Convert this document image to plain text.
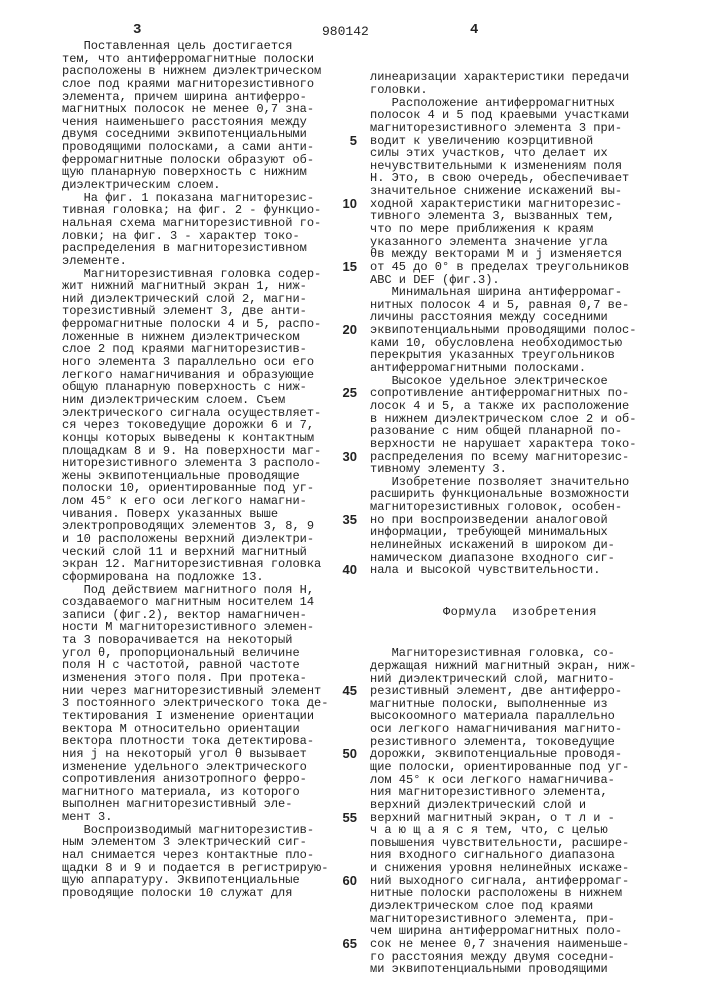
3	980142	4
Поставленная цель достигается
тем, что антиферромагнитные полоски
расположены в нижнем диэлектрическом
слое под краями магниторезистивного
элемента, причем ширина антиферро-
магнитных полосок не менее 0,7 зна-
чения наименьшего расстояния между
двумя соседними эквипотенциальными
проводящими полосками, а сами анти-
ферромагнитные полоски образуют об-
щую планарную поверхность с нижним
диэлектрическим слоем.
На фиг. 1 показана магниторезис-
тивная головка; на фиг. 2 - функцио-
нальная схема магниторезистивной го-
ловки; на фиг. 3 - характер токо-
распределения в магниторезистивном
элементе.
Магниторезистивная головка содер-
жит нижний магнитный экран 1, ниж-
ний диэлектрический слой 2, магни-
торезистивный элемент 3, две анти-
ферромагнитные полоски 4 и 5, распо-
ложенные в нижнем диэлектрическом
слое 2 под краями магниторезистив-
ного элемента 3 параллельно оси его
легкого намагничивания и образующие
общую планарную поверхность с ниж-
ним диэлектрическим слоем. Съем
электрического сигнала осуществляет-
ся через токоведущие дорожки 6 и 7,
концы которых выведены к контактным
площадкам 8 и 9. На поверхности маг-
ниторезистивного элемента 3 располо-
жены эквипотенциальные проводящие
полоски 10, ориентированные под уг-
лом 45° к его оси легкого намагни-
чивания. Поверх указанных выше
электропроводящих элементов 3, 8, 9
и 10 расположены верхний диэлектри-
ческий слой 11 и верхний магнитный
экран 12. Магниторезистивная головка
сформирована на подложке 13.
Под действием магнитного поля H,
создаваемого магнитным носителем 14
записи (фиг.2), вектор намагничен-
ности M магниторезистивного элемен-
та 3 поворачивается на некоторый
угол θ, пропорциональный величине
поля H с частотой, равной частоте
изменения этого поля. При протека-
нии через магниторезистивный элемент
3 постоянного электрического тока де-
тектирования I изменение ориентации
вектора M относительно ориентации
вектора плотности тока детектирова-
ния j на некоторый угол θ вызывает
изменение удельного электрического
сопротивления анизотропного ферро-
магнитного материала, из которого
выполнен магниторезистивный эле-
мент 3.
Воспроизводимый магниторезистив-
ным элементом 3 электрический сиг-
нал снимается через контактные пло-
щадки 8 и 9 и подается в регистрирую-
щую аппаратуру. Эквипотенциальные
проводящие полоски 10 служат для

линеаризации характеристики передачи
головки.
Расположение антиферромагнитных
полосок 4 и 5 под краевыми участками
магниторезистивного элемента 3 при-
водит к увеличению коэрцитивной
5
силы этих участков, что делает их
нечувствительными к изменениям поля
H. Это, в свою очередь, обеспечивает
значительное снижение искажений вы-
ходной характеристики магниторезис-
10
тивного элемента 3, вызванных тем,
что по мере приближения к краям
указанного элемента значение угла
θв между векторами M и j изменяется
от 45 до 0° в пределах треугольников
15
ABC и DEF (фиг.3).
Минимальная ширина антиферромаг-
нитных полосок 4 и 5, равная 0,7 ве-
личины расстояния между соседними
эквипотенциальными проводящими полос-
20
ками 10, обусловлена необходимостью
перекрытия указанных треугольников
антиферромагнитными полосками.
Высокое удельное электрическое
сопротивление антиферромагнитных по-
25
лосок 4 и 5, а также их расположение
в нижнем диэлектрическом слое 2 и об-
разование с ним общей планарной по-
верхности не нарушает характера токо-
распределения по всему магниторезис-
30
тивному элементу 3.
Изобретение позволяет значительно
расширить функциональные возможности
магниторезистивных головок, особен-
но при воспроизведении аналоговой
35
информации, требующей минимальных
нелинейных искажений в широком ди-
намическом диапазоне входного сиг-
нала и высокой чувствительности.
40

Формула  изобретения

Магниторезистивная головка, со-
держащая нижний магнитный экран, ниж-
ний диэлектрический слой, магнито-
резистивный элемент, две антиферро-
45
магнитные полоски, выполненные из
высокоомного материала параллельно
оси легкого намагничивания магнито-
резистивного элемента, токоведущие
дорожки, эквипотенциальные проводя-
50
щие полоски, ориентированные под уг-
лом 45° к оси легкого намагничива-
ния магниторезистивного элемента,
верхний диэлектрический слой и
верхний магнитный экран, о т л и -
55
ч а ю щ а я с я тем, что, с целью
повышения чувствительности, расшире-
ния входного сигнального диапазона
и снижения уровня нелинейных искаже-
ний выходного сигнала, антиферромаг-
60
нитные полоски расположены в нижнем
диэлектрическом слое под краями
магниторезистивного элемента, при-
чем ширина антиферромагнитных поло-
сок не менее 0,7 значения наименьше-
65
го расстояния между двумя соседни-
ми эквипотенциальными проводящими
